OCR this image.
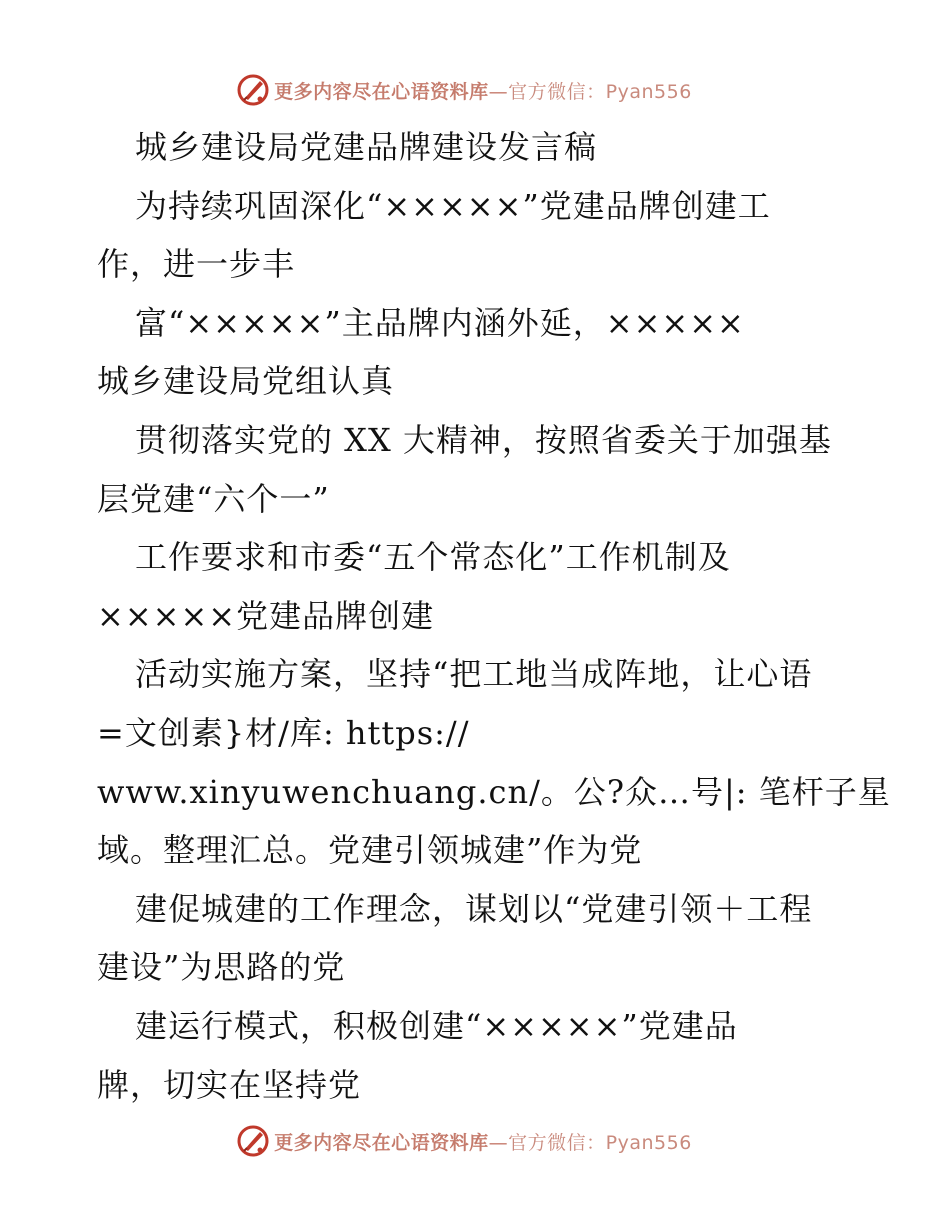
更多内容尽在心语资料库—官方微信：Pyan556
城乡建设局党建品牌建设发言稿
为持续巩固深化“×××××”党建品牌创建工
作，进一步丰
富“×××××”主品牌内涵外延，×××××
城乡建设局党组认真
贯彻落实党的 XX 大精神，按照省委关于加强基
层党建“六个一”
工作要求和市委“五个常态化”工作机制及
×××××党建品牌创建
活动实施方案，坚持“把工地当成阵地，让心语
=文创素}材/库: https://
www.xinyuwenchuang.cn/。公?众…号|: 笔杆子星
域。整理汇总。党建引领城建”作为党
建促城建的工作理念，谋划以“党建引领＋工程
建设”为思路的党
建运行模式，积极创建“×××××”党建品
牌，切实在坚持党
更多内容尽在心语资料库—官方微信：Pyan556
